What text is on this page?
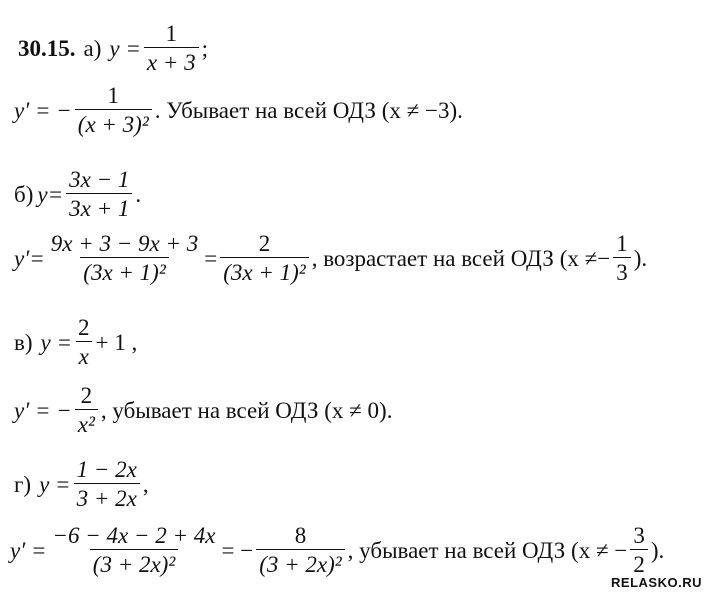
30.15. а) $y = \frac{1}{x + 3}$ ;
y′ = − $\frac{1}{\text{(x + 3)²}}$ . Убывает на всей ОДЗ (x ≠ −3).
б) $y= \frac{3x - 1}{3x + 1}$ .
$y'= \frac{9x + 3 - 9x + 3}{\text{(3x + 1)²}} = \frac{2}{\text{(3x + 1)²}}$ , возрастает на всей ОДЗ ($x \ne- \frac{1}{3}$ ).
в) $y = \frac{2}{x} + 1$ ,
y′ = − $\frac{2}{\text{x²}}$ , убывает на всей ОДЗ (x ≠ 0).
г) $y = \frac{1 - 2x}{3 + 2x}$ ,
$y' = \frac{-6 - 4x - 2 + 4x}{\text{(3 + 2x)²}}$ = − $\frac{8}{\text{(3 + 2x)²}}$ , убывает на всей ОДЗ (x ≠ − $\frac{3}{2}$ ).
RELASKO.RU
